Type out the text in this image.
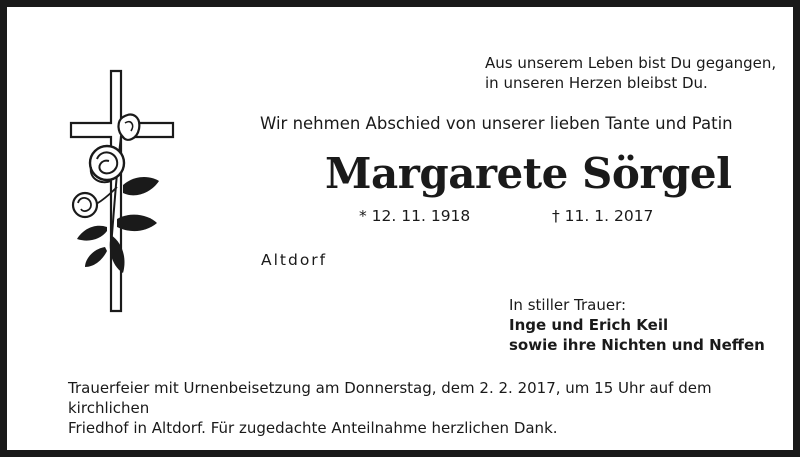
Aus unserem Leben bist Du gegangen,
in unseren Herzen bleibst Du.
Wir nehmen Abschied von unserer lieben Tante und Patin
Margarete Sörgel
* 12. 11. 1918	† 11. 1. 2017
Altdorf
In stiller Trauer:
Inge und Erich Keil
sowie ihre Nichten und Neffen
Trauerfeier mit Urnenbeisetzung am Donnerstag, dem 2. 2. 2017, um 15 Uhr auf dem kirchlichen
Friedhof in Altdorf. Für zugedachte Anteilnahme herzlichen Dank.
